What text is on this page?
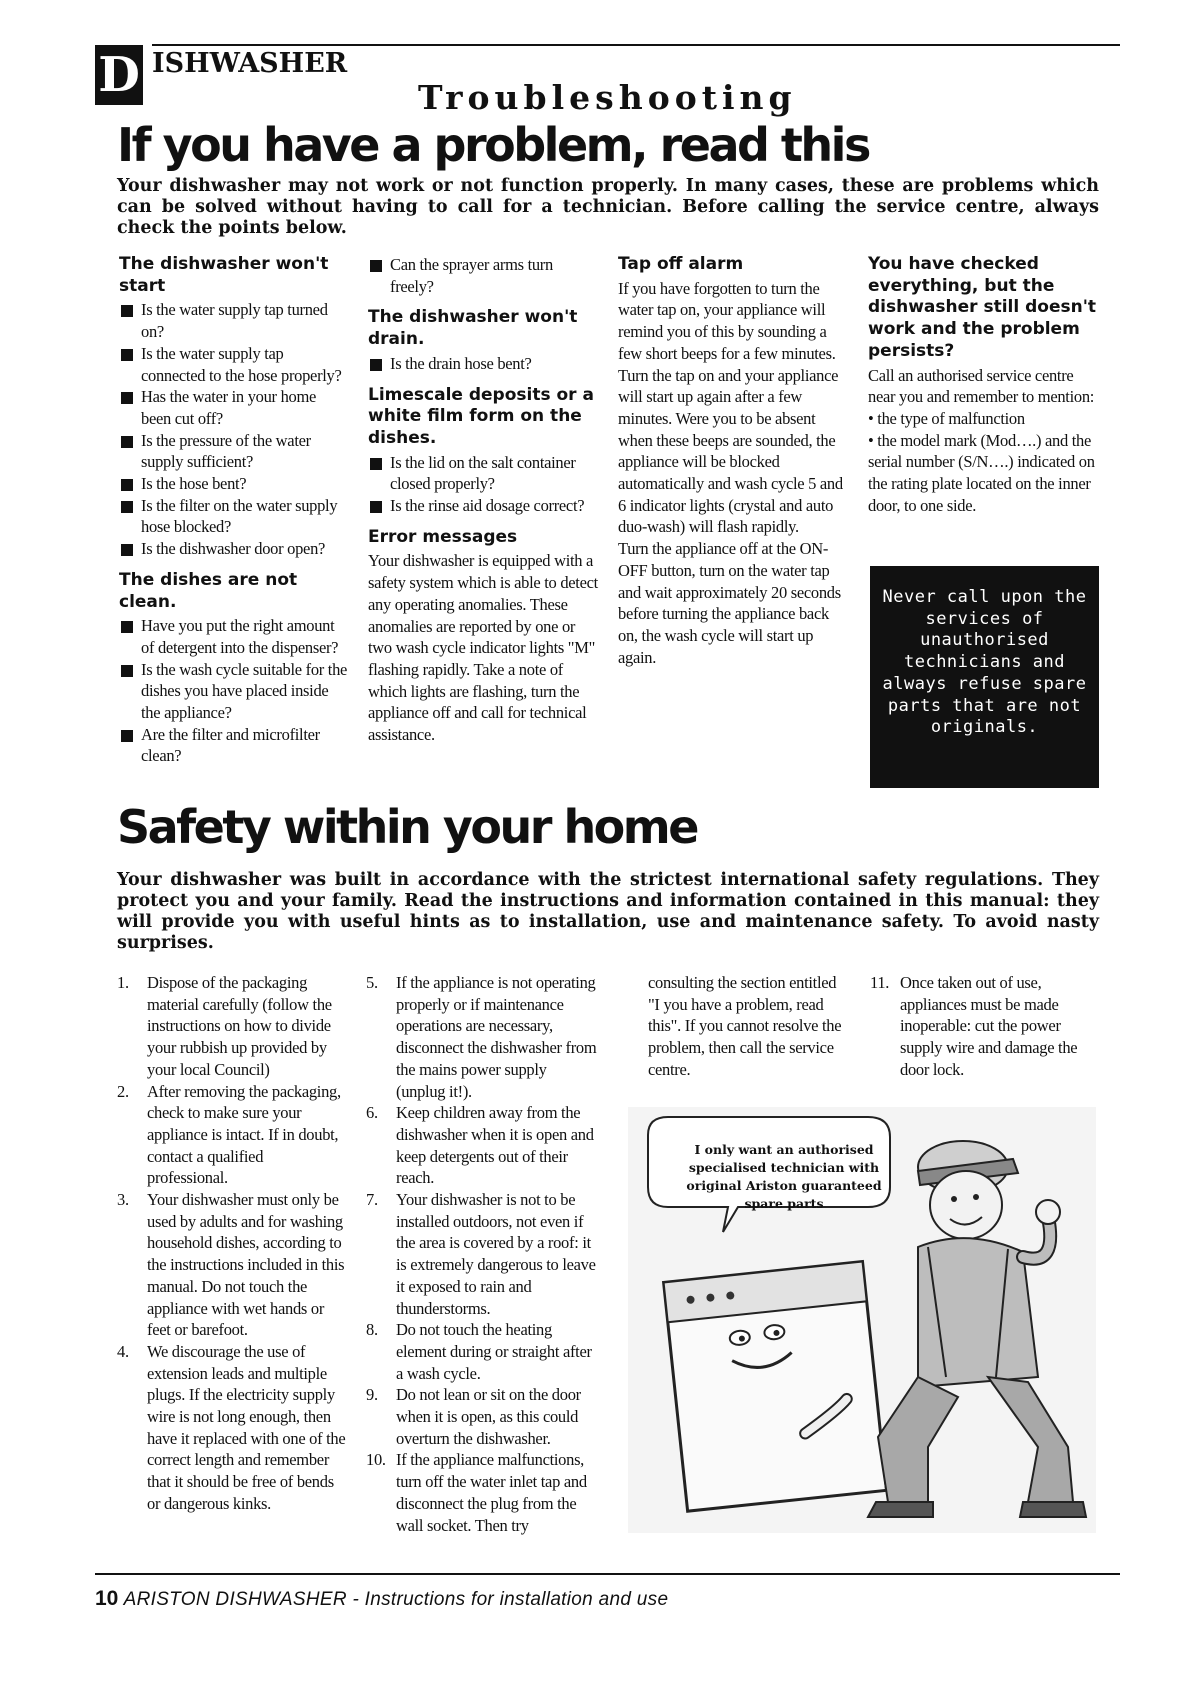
D ISHWASHER
Troubleshooting
If you have a problem, read this
Your dishwasher may not work or not function properly. In many cases, these are problems which can be solved without having to call for a technician. Before calling the service centre, always check the points below.
The dishwasher won't start
Is the water supply tap turned on?
Is the water supply tap connected to the hose properly?
Has the water in your home been cut off?
Is the pressure of the water supply sufficient?
Is the hose bent?
Is the filter on the water supply hose blocked?
Is the dishwasher door open?
The dishes are not clean.
Have you put the right amount of detergent into the dispenser?
Is the wash cycle suitable for the dishes you have placed inside the appliance?
Are the filter and microfilter clean?
Can the sprayer arms turn freely?
The dishwasher won't drain.
Is the drain hose bent?
Limescale deposits or a white film form on the dishes.
Is the lid on the salt container closed properly?
Is the rinse aid dosage correct?
Error messages

Your dishwasher is equipped with a safety system which is able to detect any operating anomalies. These anomalies are reported by one or two wash cycle indicator lights "M" flashing rapidly. Take a note of which lights are flashing, turn the appliance off and call for technical assistance.

Tap off alarm

If you have forgotten to turn the water tap on, your appliance will remind you of this by sounding a few short beeps for a few minutes. Turn the tap on and your appliance will start up again after a few minutes. Were you to be absent when these beeps are sounded, the appliance will be blocked automatically and wash cycle 5 and 6 indicator lights (crystal and auto duo-wash) will flash rapidly.

Turn the appliance off at the ON-OFF button, turn on the water tap and wait approximately 20 seconds before turning the appliance back on, the wash cycle will start up again.

You have checked everything, but the dishwasher still doesn't work and the problem persists?

Call an authorised service centre near you and remember to mention:

• the type of malfunction

• the model mark (Mod….) and the serial number (S/N….) indicated on the rating plate located on the inner door, to one side.

Never call upon the services of unauthorised technicians and always refuse spare parts that are not originals.
Safety within your home
Your dishwasher was built in accordance with the strictest international safety regulations. They protect you and your family. Read the instructions and information contained in this manual: they will provide you with useful hints as to installation, use and maintenance safety. To avoid nasty surprises.
1. Dispose of the packaging material carefully (follow the instructions on how to divide your rubbish up provided by your local Council)
2. After removing the packaging, check to make sure your appliance is intact. If in doubt, contact a qualified professional.
3. Your dishwasher must only be used by adults and for washing household dishes, according to the instructions included in this manual. Do not touch the appliance with wet hands or feet or barefoot.
4. We discourage the use of extension leads and multiple plugs. If the electricity supply wire is not long enough, then have it replaced with one of the correct length and remember that it should be free of bends or dangerous kinks.
5. If the appliance is not operating properly or if maintenance operations are necessary, disconnect the dishwasher from the mains power supply (unplug it!).
6. Keep children away from the dishwasher when it is open and keep detergents out of their reach.
7. Your dishwasher is not to be installed outdoors, not even if the area is covered by a roof: it is extremely dangerous to leave it exposed to rain and thunderstorms.
8. Do not touch the heating element during or straight after a wash cycle.
9. Do not lean or sit on the door when it is open, as this could overturn the dishwasher.
10. If the appliance malfunctions, turn off the water inlet tap and disconnect the plug from the wall socket. Then try

consulting the section entitled "I you have a problem, read this". If you cannot resolve the problem, then call the service centre.

11. Once taken out of use, appliances must be made inoperable: cut the power supply wire and damage the door lock.
I only want an authorised specialised technician with original Ariston guaranteed spare parts
10 ARISTON DISHWASHER - Instructions for installation and use
